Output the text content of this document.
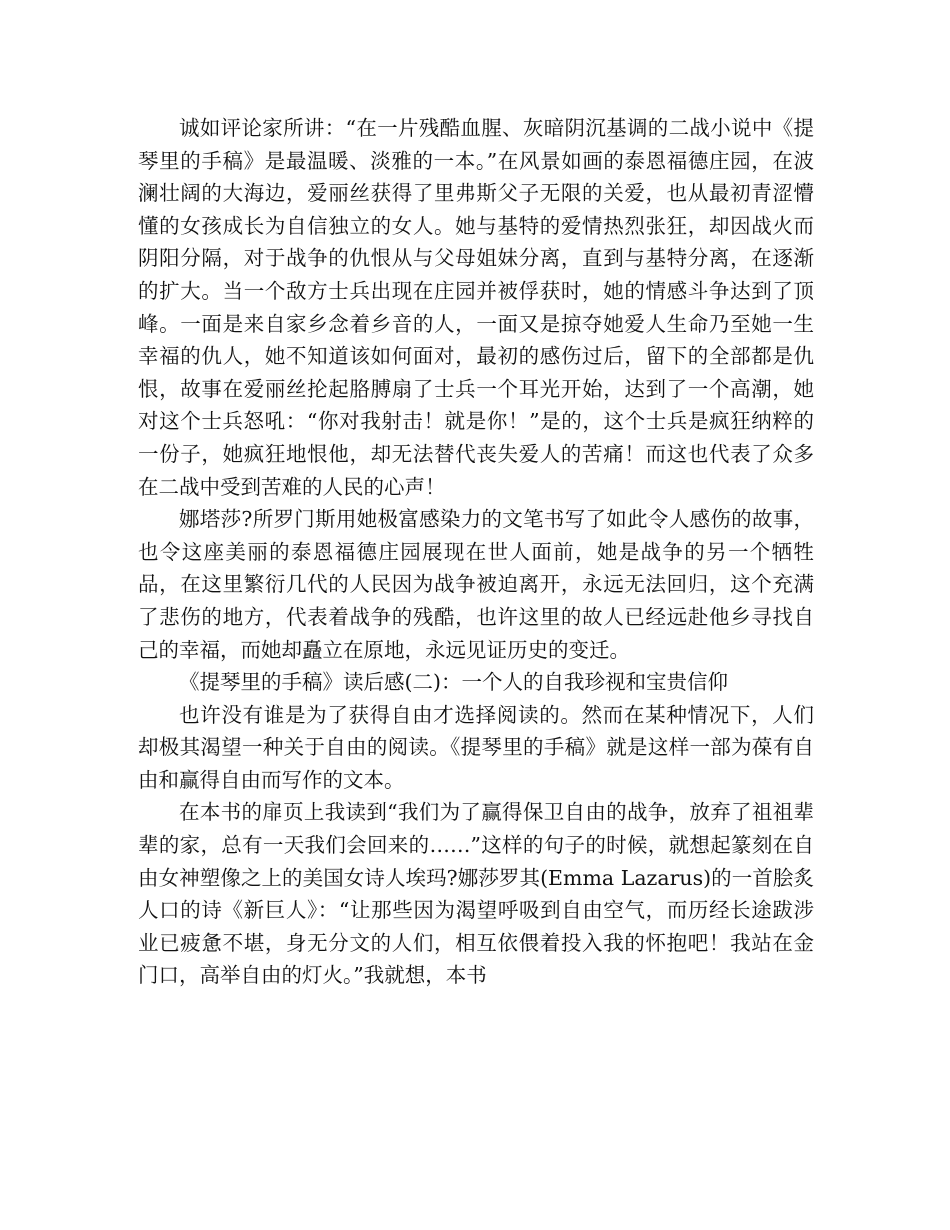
诚如评论家所讲：“在一片残酷血腥、灰暗阴沉基调的二战小说中《提琴里的手稿》是最温暖、淡雅的一本。”在风景如画的泰恩福德庄园，在波澜壮阔的大海边，爱丽丝获得了里弗斯父子无限的关爱，也从最初青涩懵懂的女孩成长为自信独立的女人。她与基特的爱情热烈张狂，却因战火而阴阳分隔，对于战争的仇恨从与父母姐妹分离，直到与基特分离，在逐渐的扩大。当一个敌方士兵出现在庄园并被俘获时，她的情感斗争达到了顶峰。一面是来自家乡念着乡音的人，一面又是掠夺她爱人生命乃至她一生幸福的仇人，她不知道该如何面对，最初的感伤过后，留下的全部都是仇恨，故事在爱丽丝抡起胳膊扇了士兵一个耳光开始，达到了一个高潮，她对这个士兵怒吼：“你对我射击！就是你！”是的，这个士兵是疯狂纳粹的一份子，她疯狂地恨他，却无法替代丧失爱人的苦痛！而这也代表了众多在二战中受到苦难的人民的心声！

娜塔莎?所罗门斯用她极富感染力的文笔书写了如此令人感伤的故事，也令这座美丽的泰恩福德庄园展现在世人面前，她是战争的另一个牺牲品，在这里繁衍几代的人民因为战争被迫离开，永远无法回归，这个充满了悲伤的地方，代表着战争的残酷，也许这里的故人已经远赴他乡寻找自己的幸福，而她却矗立在原地，永远见证历史的变迁。

《提琴里的手稿》读后感(二)：一个人的自我珍视和宝贵信仰

也许没有谁是为了获得自由才选择阅读的。然而在某种情况下，人们却极其渴望一种关于自由的阅读。《提琴里的手稿》就是这样一部为葆有自由和赢得自由而写作的文本。

在本书的扉页上我读到“我们为了赢得保卫自由的战争，放弃了祖祖辈辈的家，总有一天我们会回来的……”这样的句子的时候，就想起篆刻在自由女神塑像之上的美国女诗人埃玛?娜莎罗其(Emma Lazarus)的一首脍炙人口的诗《新巨人》：“让那些因为渴望呼吸到自由空气，而历经长途跋涉业已疲惫不堪，身无分文的人们，相互依偎着投入我的怀抱吧！我站在金门口，高举自由的灯火。”我就想，本书
